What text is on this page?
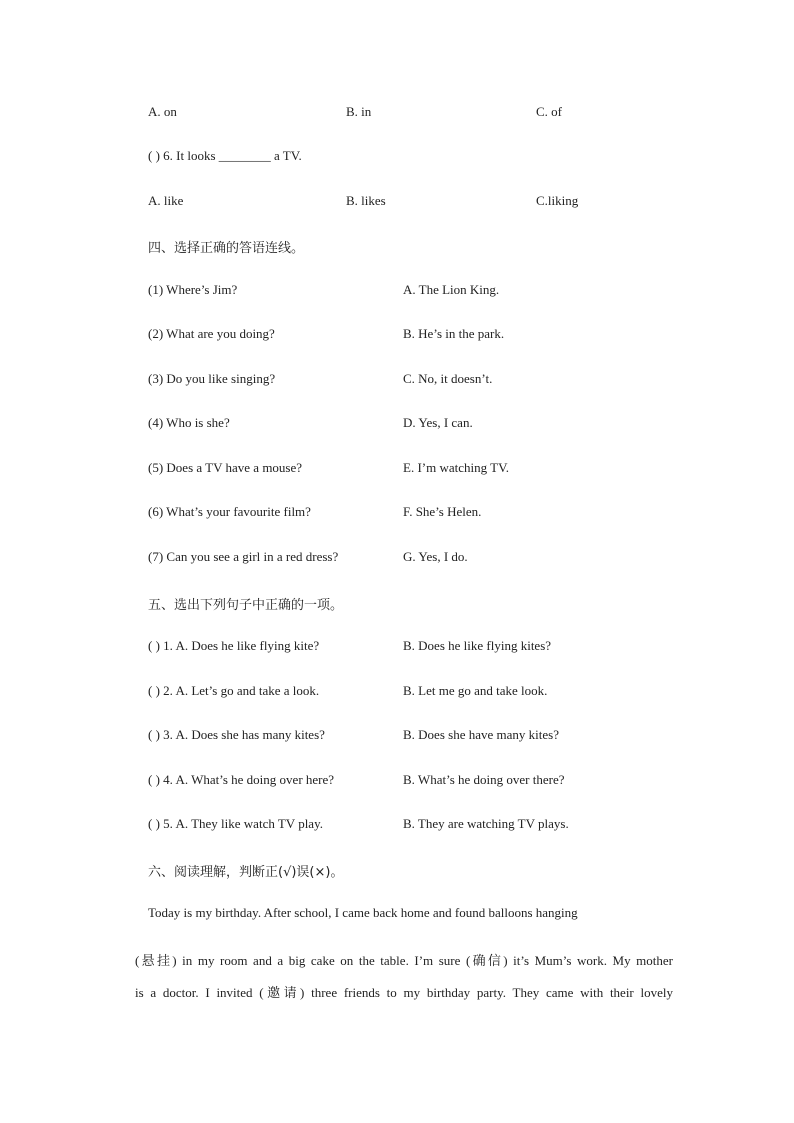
A. on	B. in	C. of
( ) 6. It looks ________ a TV.
A. like	B. likes	C.liking
四、选择正确的答语连线。
(1) Where’s Jim?	A. The Lion King.
(2) What are you doing?	B. He’s in the park.
(3) Do you like singing?	C. No, it doesn’t.
(4) Who is she?	D. Yes, I can.
(5) Does a TV have a mouse?	E. I’m watching TV.
(6) What’s your favourite film?	F. She’s Helen.
(7) Can you see a girl in a red dress?	G. Yes, I do.
五、选出下列句子中正确的一项。
( ) 1. A. Does he like flying kite?	B. Does he like flying kites?
( ) 2. A. Let’s go and take a look.	B. Let me go and take look.
( ) 3. A. Does she has many kites?	B. Does she have many kites?
( ) 4. A. What’s he doing over here?	B. What’s he doing over there?
( ) 5. A. They like watch TV play.	B. They are watching TV plays.
六、阅读理解，判断正(√)误(×)。
Today is my birthday. After school, I came back home and found balloons hanging
(悬挂) in my room and a big cake on the table. I’m sure (确信) it’s Mum’s work. My mother
is a doctor. I invited (邀请) three friends to my birthday party. They came with their lovely
